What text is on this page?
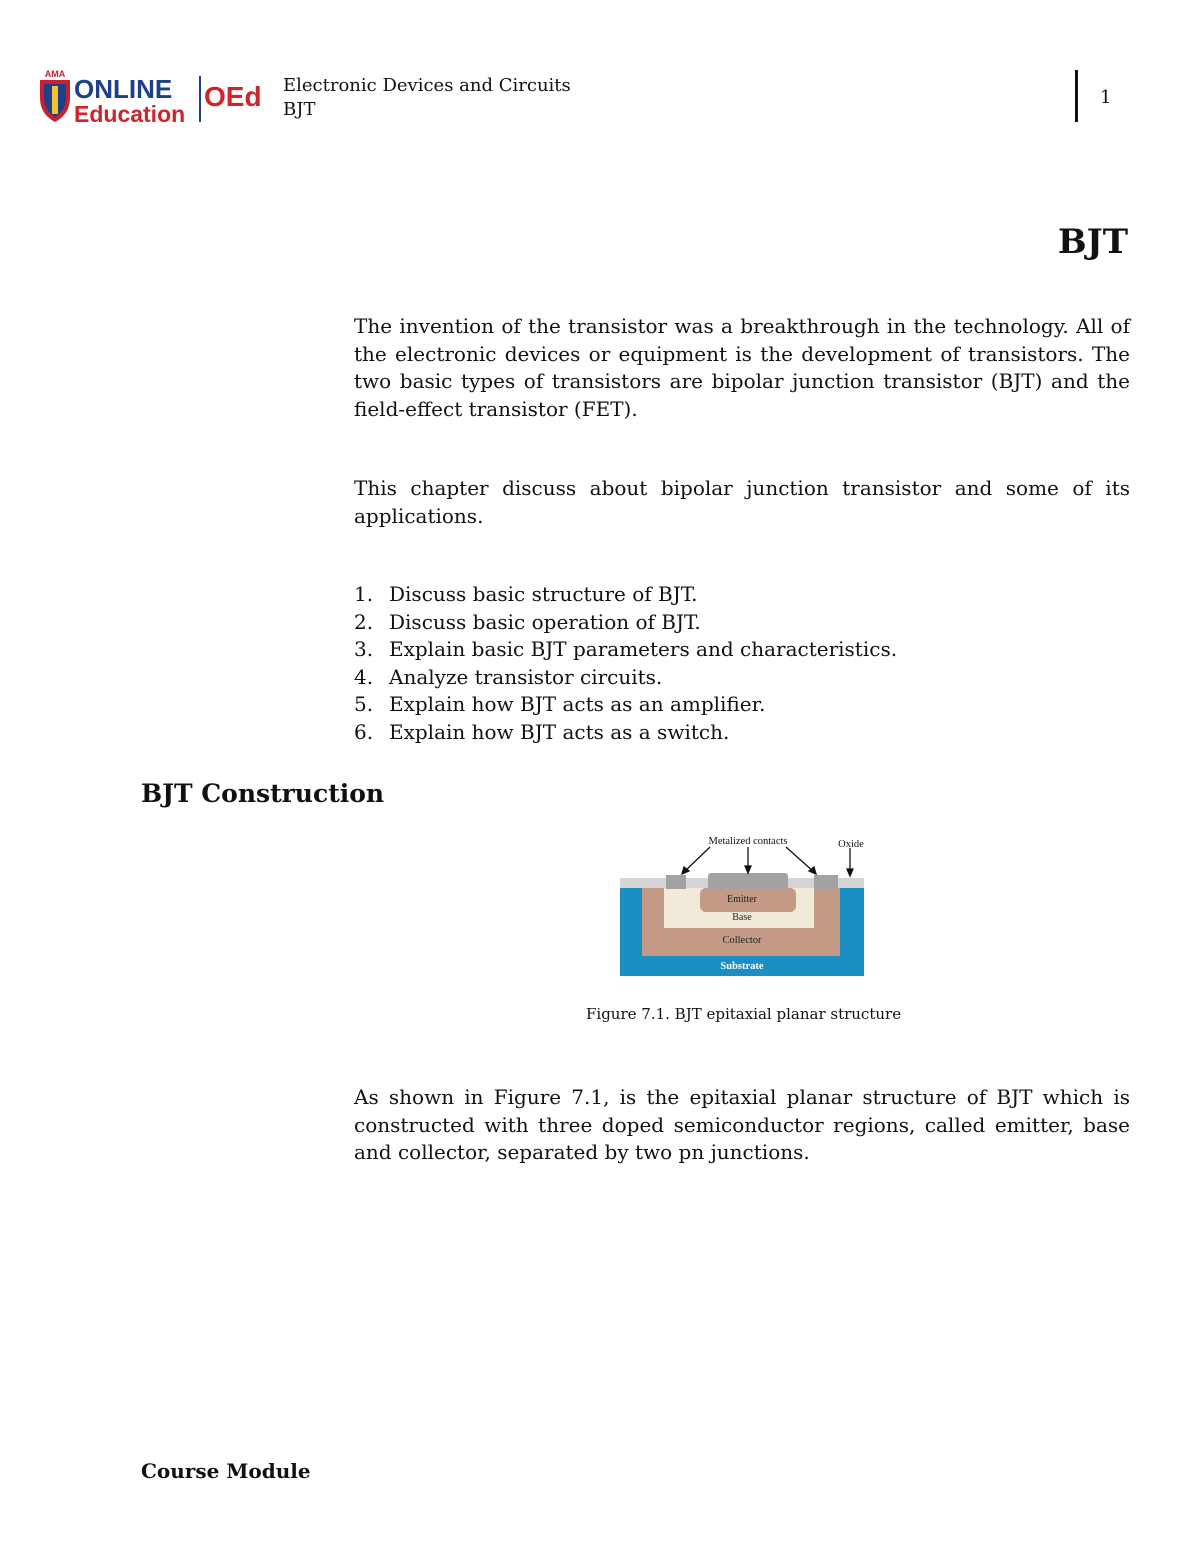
AMA ONLINE
Education
OEd Electronic Devices and Circuits
BJT
1
BJT

The invention of the transistor was a breakthrough in the technology. All of the electronic devices or equipment is the development of transistors. The two basic types of transistors are bipolar junction transistor (BJT) and the field-effect transistor (FET).

This chapter discuss about bipolar junction transistor and some of its applications.

1. Discuss basic structure of BJT.
2. Discuss basic operation of BJT.
3. Explain basic BJT parameters and characteristics.
4. Analyze transistor circuits.
5. Explain how BJT acts as an amplifier.
6. Explain how BJT acts as a switch.
BJT Construction
Metalized contacts	Oxide
Emitter
Base
Collector
Substrate
Figure 7.1. BJT epitaxial planar structure

As shown in Figure 7.1, is the epitaxial planar structure of BJT which is constructed with three doped semiconductor regions, called emitter, base and collector, separated by two pn junctions.

Course Module
